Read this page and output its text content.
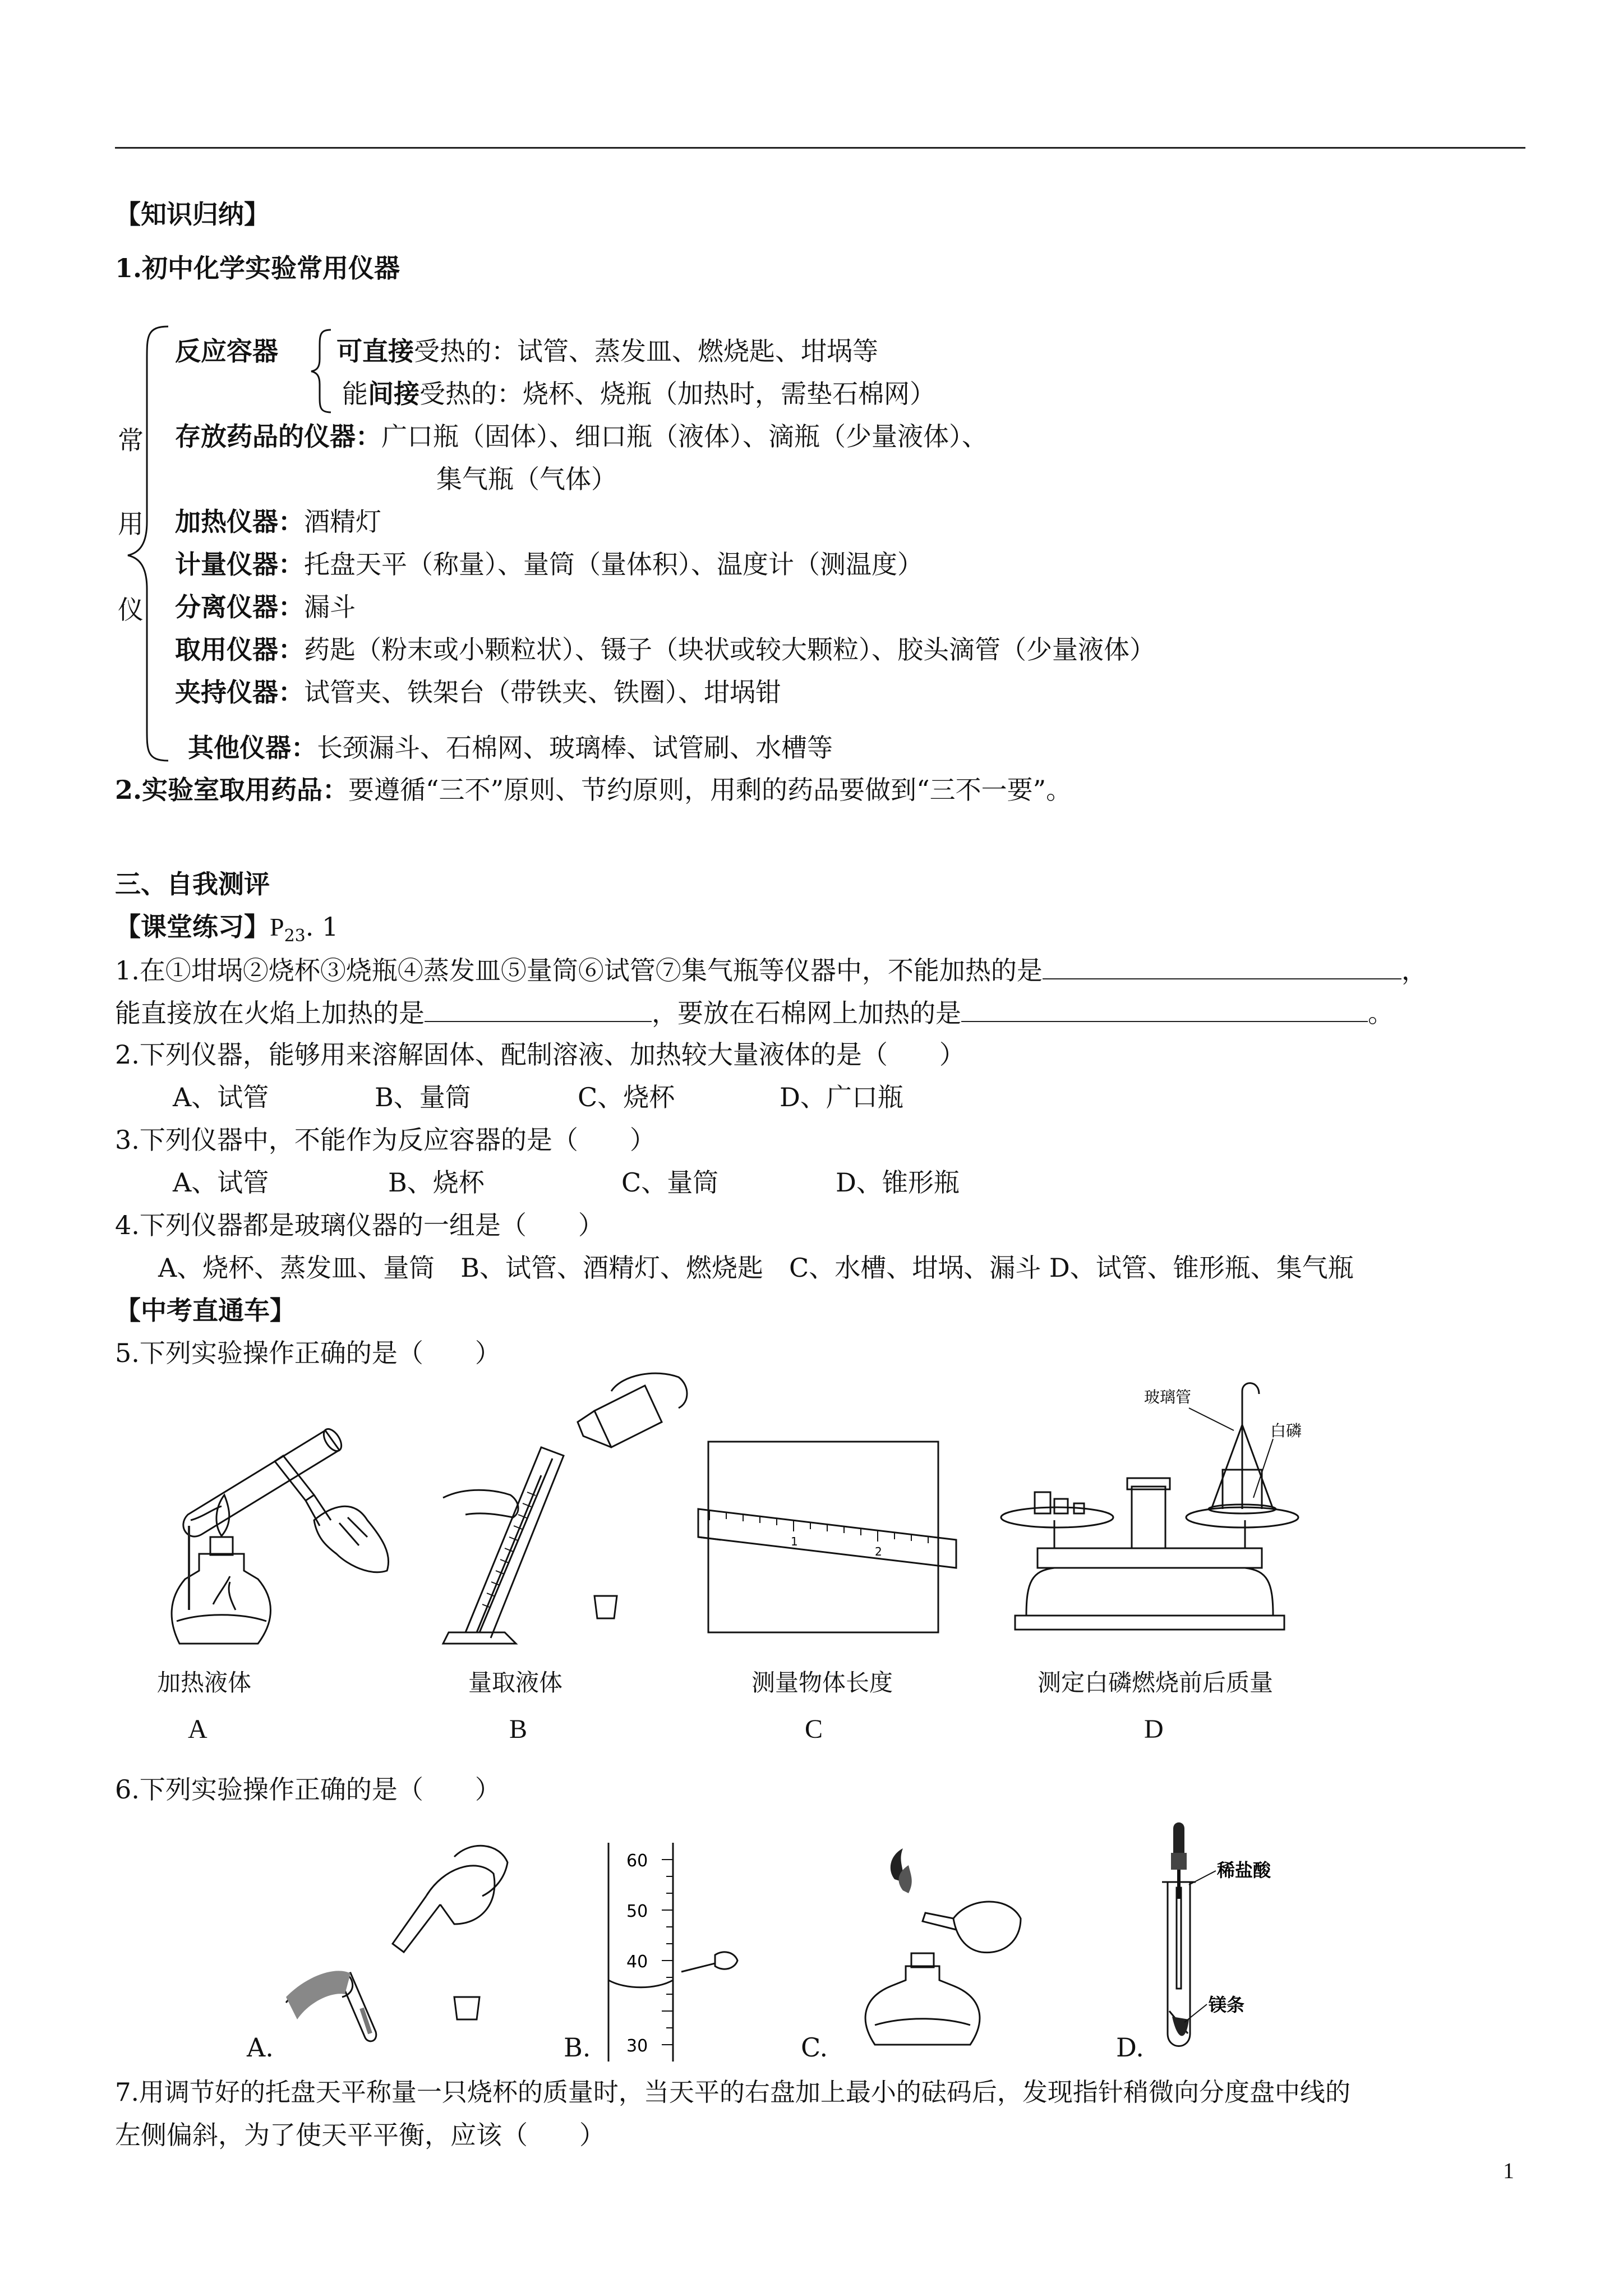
【知识归纳】
1.初中化学实验常用仪器
常
用
仪
反应容器 可直接受热的：试管、蒸发皿、燃烧匙、坩埚等
能间接受热的：烧杯、烧瓶（加热时，需垫石棉网）
存放药品的仪器：广口瓶（固体）、细口瓶（液体）、滴瓶（少量液体）、
集气瓶（气体）
加热仪器：酒精灯
计量仪器：托盘天平（称量）、量筒（量体积）、温度计（测温度）
分离仪器：漏斗
取用仪器：药匙（粉末或小颗粒状）、镊子（块状或较大颗粒）、胶头滴管（少量液体）
夹持仪器：试管夹、铁架台（带铁夹、铁圈）、坩埚钳
其他仪器：长颈漏斗、石棉网、玻璃棒、试管刷、水槽等
2.实验室取用药品：要遵循“三不”原则、节约原则，用剩的药品要做到“三不一要”。
三、自我测评
【课堂练习】$P_{23}$. 1
1.在①坩埚②烧杯③烧瓶④蒸发皿⑤量筒⑥试管⑦集气瓶等仪器中，不能加热的是	，
能直接放在火焰上加热的是	，要放在石棉网上加热的是	。
2.下列仪器，能够用来溶解固体、配制溶液、加热较大量液体的是（　　）
A、试管	B、量筒	C、烧杯	D、广口瓶
3.下列仪器中，不能作为反应容器的是（　　）
A、试管	B、烧杯	C、量筒	D、锥形瓶
4.下列仪器都是玻璃仪器的一组是（　　）
A、烧杯、蒸发皿、量筒　B、试管、酒精灯、燃烧匙　C、水槽、坩埚、漏斗 D、试管、锥形瓶、集气瓶
【中考直通车】
5.下列实验操作正确的是（　　）
1
2
玻璃管
白磷
加热液体	量取液体	测量物体长度	测定白磷燃烧前后质量
A	B	C	D
6.下列实验操作正确的是（　　）
60
50
40
30
稀盐酸
镁条
A.	B.	C.	D.
7.用调节好的托盘天平称量一只烧杯的质量时，当天平的右盘加上最小的砝码后，发现指针稍微向分度盘中线的
左侧偏斜，为了使天平平衡，应该（　　）
1
